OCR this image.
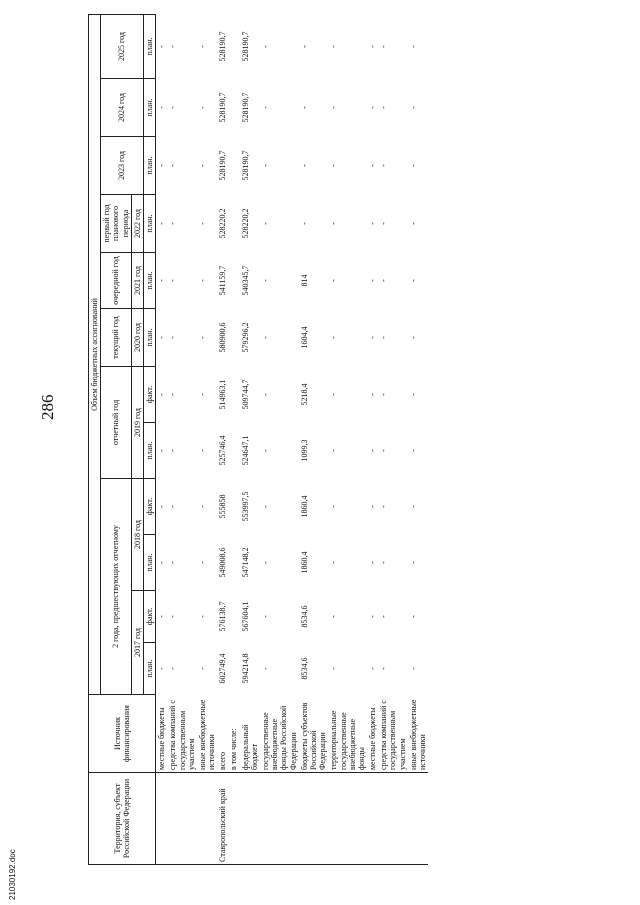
286
Территория, субъект Российской Федерации	Источник финансирования	Объем бюджетных ассигнований											
		2 года, предшествующих отчетному				отчетный год		текущий год	очередной год	первый год планового периода	2023 год	2024 год	2025 год
		2017 год		2018 год		2019 год		2020 год	2021 год	2022 год			
		план.	факт.	план.	факт.	план.	факт.	план.	план.	план.	план.	план.	план.
	местные бюджеты	-	-	-	-	-	-	-	-	-	-	-	-
	средства компаний с государственным участием	-	-	-	-	-	-	-	-	-	-	-	-
	иные внебюджетные источники	-	-	-	-	-	-	-	-	-	-	-	-
Ставропольский край	всего	602749,4	576138,7	549008,6	555858	525746,4	514963,1	580900,6	541159,7	528220,2	528190,7	528190,7	528190,7
	в том числе:												
	федеральный бюджет	594214,8	567604,1	547148,2	553997,5	524647,1	509744,7	579296,2	540345,7	528220,2	528190,7	528190,7	528190,7
	государственные внебюджетные фонды Российской Федерации	-	-	-	-	-	-	-	-	-	-	-	-
	бюджеты субъектов Российской Федерации	8534,6	8534,6	1860,4	1860,4	1099,3	5218,4	1604,4	814	-	-	-	-
	территориальные государственные внебюджетные фонды	-	-	-	-	-	-	-	-	-	-	-	-
	местные бюджеты	-	-	-	-	-	-	-	-	-	-	-	-
	средства компаний с государственным участием	-	-	-	-	-	-	-	-	-	-	-	-
	иные внебюджетные источники	-	-	-	-	-	-	-	-	-	-	-	-
21030192.doc
